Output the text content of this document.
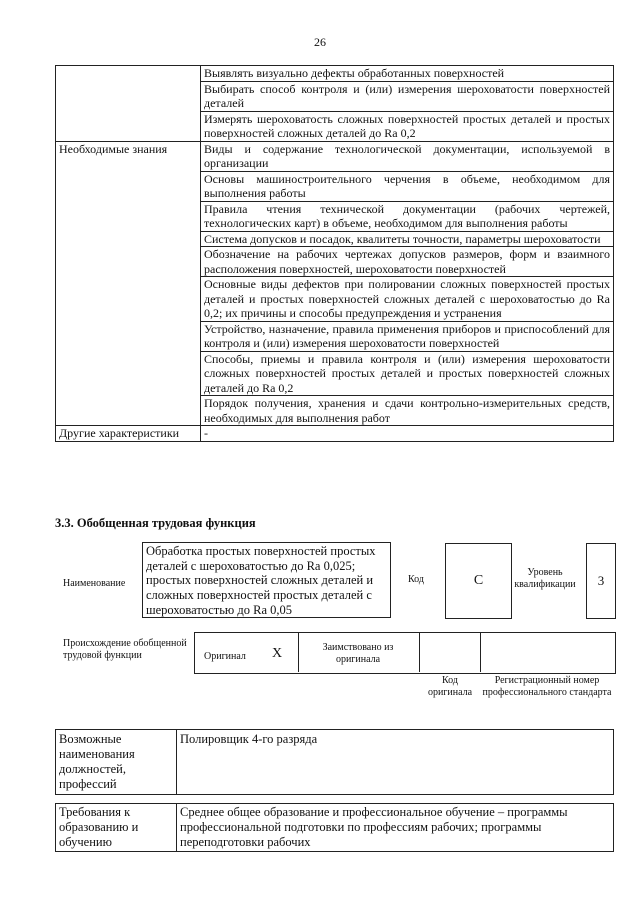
26
	Выявлять визуально дефекты обработанных поверхностей
	Выбирать способ контроля и (или) измерения шероховатости поверхностей деталей
	Измерять шероховатость сложных поверхностей простых деталей и простых поверхностей сложных деталей до Ra 0,2
Необходимые знания	Виды и содержание технологической документации, используемой в организации
	Основы машиностроительного черчения в объеме, необходимом для выполнения работы
	Правила чтения технической документации (рабочих чертежей, технологических карт) в объеме, необходимом для выполнения работы
	Система допусков и посадок, квалитеты точности, параметры шероховатости
	Обозначение на рабочих чертежах допусков размеров, форм и взаимного расположения поверхностей, шероховатости поверхностей
	Основные виды дефектов при полировании сложных поверхностей простых деталей и простых поверхностей сложных деталей с шероховатостью до Ra 0,2; их причины и способы предупреждения и устранения
	Устройство, назначение, правила применения приборов и приспособлений для контроля и (или) измерения шероховатости поверхностей
	Способы, приемы и правила контроля и (или) измерения шероховатости сложных поверхностей простых деталей и простых поверхностей сложных деталей до Ra 0,2
	Порядок получения, хранения и сдачи контрольно-измерительных средств, необходимых для выполнения работ
Другие характеристики	-
3.3. Обобщенная трудовая функция
Наименование
Обработка простых поверхностей простых деталей с шероховатостью до Ra 0,025; простых поверхностей сложных деталей и сложных поверхностей простых деталей с шероховатостью до Ra 0,05
Код	C
Уровень квалификации	3
Происхождение обобщенной трудовой функции	Оригинал X	Заимствовано из оригинала
Код оригинала
Регистрационный номер профессионального стандарта
Возможные наименования должностей, профессий	Полировщик 4-го разряда
Требования к образованию и обучению	Среднее общее образование и профессиональное обучение – программы профессиональной подготовки по профессиям рабочих; программы переподготовки рабочих
